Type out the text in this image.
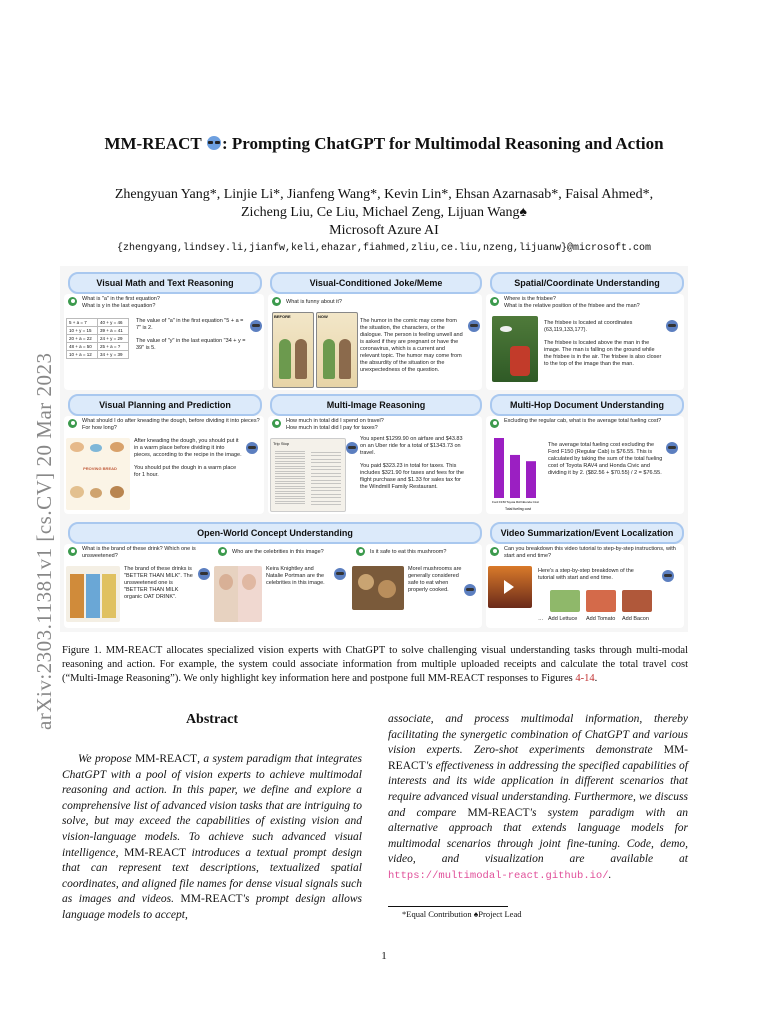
arXiv:2303.11381v1 [cs.CV] 20 Mar 2023
MM-REACT : Prompting ChatGPT for Multimodal Reasoning and Action
Zhengyuan Yang*, Linjie Li*, Jianfeng Wang*, Kevin Lin*, Ehsan Azarnasab*, Faisal Ahmed*,
Zicheng Liu, Ce Liu, Michael Zeng, Lijuan Wang♠
Microsoft Azure AI
{zhengyang,lindsey.li,jianfw,keli,ehazar,fiahmed,zliu,ce.liu,nzeng,lijuanw}@microsoft.com
Visual Math and Text Reasoning	Visual-Conditioned Joke/Meme	Spatial/Coordinate Understanding
What is "a" in the first equation?
What is y in the last equation?
5 + a = 7	40 + y = 46
10 + y = 15	39 + a = 41
20 + a = 22	24 + y = 29
48 + a = 50	25 + a = ?
10 + a = 12	34 + y = 39
The value of "a" in the first equation "5 + a = 7" is 2.
The value of "y" in the last equation "34 + y = 39" is 5.
What is funny about it?
BEFORE	NOW
The humor in the comic may come from the situation, the characters, or the dialogue. The person is feeling unwell and is asked if they are pregnant or have the coronavirus, which is a current and relevant topic. The humor may come from the absurdity of the situation or the unexpectedness of the question.
Where is the frisbee?
What is the relative position of the frisbee and the man?
The frisbee is located at coordinates (63,119,133,177).
The frisbee is located above the man in the image. The man is falling on the ground while the frisbee is in the air. The frisbee is also closer to the top of the image than the man.
Visual Planning and Prediction	Multi-Image Reasoning	Multi-Hop Document Understanding
What should I do after kneading the dough, before dividing it into pieces? For how long?
PROVING BREAD
After kneading the dough, you should put it in a warm place before dividing it into pieces, according to the recipe in the image.
You should put the dough in a warm place for 1 hour.
How much in total did I spend on travel?
How much in total did I pay for taxes?
Trip Stop
You spent $1299.90 on airfare and $43.83 on an Uber ride for a total of $1343.73 on travel.
You paid $323.23 in total for taxes. This includes $321.90 for taxes and fees for the flight purchase and $1.33 for sales tax for the Windmill Family Restaurant.
Excluding the regular cab, what is the average total fueling cost?
Ford F150 Toyota RAV4 Honda Civic
Total fueling cost
The average total fueling cost excluding the Ford F150 (Regular Cab) is $76.55. This is calculated by taking the sum of the total fueling cost of Toyota RAV4 and Honda Civic and dividing it by 2. ($82.56 + $70.55) / 2 = $76.55.
Open-World Concept Understanding	Video Summarization/Event Localization
What is the brand of these drink? Which one is unsweetened?
The brand of these drinks is "BETTER THAN MILK". The unsweetened one is "BETTER THAN MILK organic OAT DRINK".
Who are the celebrities in this image?
Keira Knightley and Natalie Portman are the celebrities in this image.
Is it safe to eat this mushroom?
Morel mushrooms are generally considered safe to eat when properly cooked.
Can you breakdown this video tutorial to step-by-step instructions, with start and end time?
Here's a step-by-step breakdown of the tutorial with start and end time.
… Add Lettuce Add Tomato Add Bacon
Figure 1. MM-REACT allocates specialized vision experts with ChatGPT to solve challenging visual understanding tasks through multi-modal reasoning and action. For example, the system could associate information from multiple uploaded receipts and calculate the total travel cost (“Multi-Image Reasoning”). We only highlight key information here and postpone full MM-REACT responses to Figures 4-14.
Abstract
We propose MM-REACT, a system paradigm that integrates ChatGPT with a pool of vision experts to achieve multimodal reasoning and action. In this paper, we define and explore a comprehensive list of advanced vision tasks that are intriguing to solve, but may exceed the capabilities of existing vision and vision-language models. To achieve such advanced visual intelligence, MM-REACT introduces a textual prompt design that can represent text descriptions, textualized spatial coordinates, and aligned file names for dense visual signals such as images and videos. MM-REACT's prompt design allows language models to accept,
associate, and process multimodal information, thereby facilitating the synergetic combination of ChatGPT and various vision experts. Zero-shot experiments demonstrate MM-REACT's effectiveness in addressing the specified capabilities of interests and its wide application in different scenarios that require advanced visual understanding. Furthermore, we discuss and compare MM-REACT's system paradigm with an alternative approach that extends language models for multimodal scenarios through joint fine-tuning. Code, demo, video, and visualization are available at https://multimodal-react.github.io/.
*Equal Contribution ♠Project Lead
1
